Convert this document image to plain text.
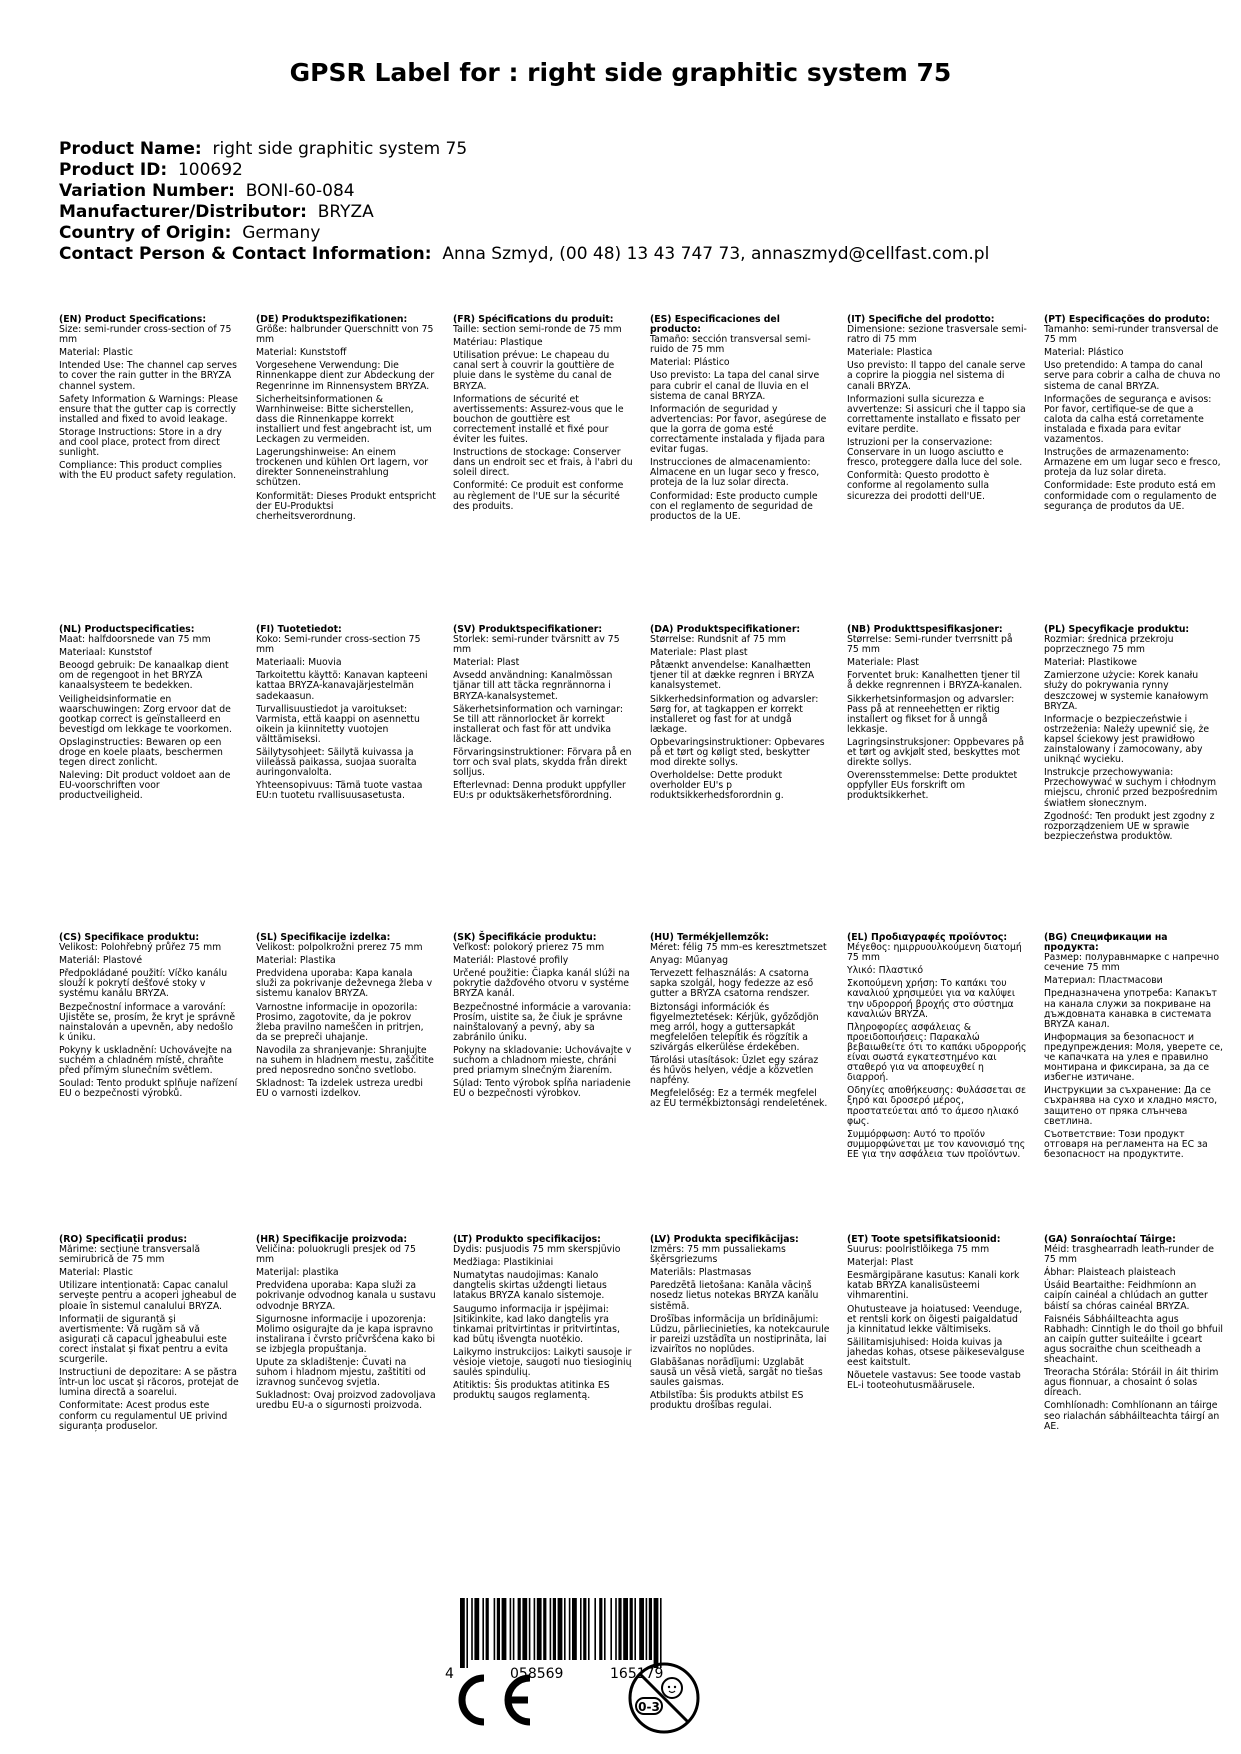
GPSR Label for : right side graphitic system 75
Product Name: right side graphitic system 75
Product ID: 100692
Variation Number: BONI-60-084
Manufacturer/Distributor: BRYZA
Country of Origin: Germany
Contact Person & Contact Information: Anna Szmyd, (00 48) 13 43 747 73, annaszmyd@cellfast.com.pl
(EN) Product Specifications:

Size: semi-runder cross-section of 75 mm

Material: Plastic

Intended Use: The channel cap serves to cover the rain gutter in the BRYZA channel system.

Safety Information & Warnings: Please ensure that the gutter cap is correctly installed and fixed to avoid leakage.

Storage Instructions: Store in a dry and cool place, protect from direct sunlight.

Compliance: This product complies with the EU product safety regulation.

(DE) Produktspezifikationen:

Größe: halbrunder Querschnitt von 75 mm

Material: Kunststoff

Vorgesehene Verwendung: Die Rinnenkappe dient zur Abdeckung der Regenrinne im Rinnensystem BRYZA.

Sicherheitsinformationen & Warnhinweise: Bitte sicherstellen, dass die Rinnenkappe korrekt installiert und fest angebracht ist, um Leckagen zu vermeiden.

Lagerungshinweise: An einem trockenen und kühlen Ort lagern, vor direkter Sonneneinstrahlung schützen.

Konformität: Dieses Produkt entspricht der EU-Produktsi cherheitsverordnung.

(FR) Spécifications du produit:

Taille: section semi-ronde de 75 mm

Matériau: Plastique

Utilisation prévue: Le chapeau du canal sert à couvrir la gouttière de pluie dans le système du canal de BRYZA.

Informations de sécurité et avertissements: Assurez-vous que le bouchon de gouttière est correctement installé et fixé pour éviter les fuites.

Instructions de stockage: Conserver dans un endroit sec et frais, à l'abri du soleil direct.

Conformité: Ce produit est conforme au règlement de l'UE sur la sécurité des produits.

(ES) Especificaciones del producto:

Tamaño: sección transversal semi-ruido de 75 mm

Material: Plástico

Uso previsto: La tapa del canal sirve para cubrir el canal de lluvia en el sistema de canal BRYZA.

Información de seguridad y advertencias: Por favor, asegúrese de que la gorra de goma esté correctamente instalada y fijada para evitar fugas.

Instrucciones de almacenamiento: Almacene en un lugar seco y fresco, proteja de la luz solar directa.

Conformidad: Este producto cumple con el reglamento de seguridad de productos de la UE.

(IT) Specifiche del prodotto:

Dimensione: sezione trasversale semi-ratro di 75 mm

Materiale: Plastica

Uso previsto: Il tappo del canale serve a coprire la pioggia nel sistema di canali BRYZA.

Informazioni sulla sicurezza e avvertenze: Si assicuri che il tappo sia correttamente installato e fissato per evitare perdite.

Istruzioni per la conservazione: Conservare in un luogo asciutto e fresco, proteggere dalla luce del sole.

Conformità: Questo prodotto è conforme al regolamento sulla sicurezza dei prodotti dell'UE.

(PT) Especificações do produto:

Tamanho: semi-runder transversal de 75 mm

Material: Plástico

Uso pretendido: A tampa do canal serve para cobrir a calha de chuva no sistema de canal BRYZA.

Informações de segurança e avisos: Por favor, certifique-se de que a calota da calha está corretamente instalada e fixada para evitar vazamentos.

Instruções de armazenamento: Armazene em um lugar seco e fresco, proteja da luz solar direta.

Conformidade: Este produto está em conformidade com o regulamento de segurança de produtos da UE.

(NL) Productspecificaties:

Maat: halfdoorsnede van 75 mm

Materiaal: Kunststof

Beoogd gebruik: De kanaalkap dient om de regengoot in het BRYZA kanaalsysteem te bedekken.

Veiligheidsinformatie en waarschuwingen: Zorg ervoor dat de gootkap correct is geïnstalleerd en bevestigd om lekkage te voorkomen.

Opslaginstructies: Bewaren op een droge en koele plaats, beschermen tegen direct zonlicht.

Naleving: Dit product voldoet aan de EU-voorschriften voor productveiligheid.

(FI) Tuotetiedot:

Koko: Semi-runder cross-section 75 mm

Materiaali: Muovia

Tarkoitettu käyttö: Kanavan kapteeni kattaa BRYZA-kanavajärjestelmän sadekaasun.

Turvallisuustiedot ja varoitukset: Varmista, että kaappi on asennettu oikein ja kiinnitetty vuotojen välttämiseksi.

Säilytysohjeet: Säilytä kuivassa ja viileässä paikassa, suojaa suoralta auringonvalolta.

Yhteensopivuus: Tämä tuote vastaa EU:n tuotetu rvallisuusasetusta.

(SV) Produktspecifikationer:

Storlek: semi-runder tvärsnitt av 75 mm

Material: Plast

Avsedd användning: Kanalmössan tjänar till att täcka regnrännorna i BRYZA-kanalsystemet.

Säkerhetsinformation och varningar: Se till att rännorlocket är korrekt installerat och fast för att undvika läckage.

Förvaringsinstruktioner: Förvara på en torr och sval plats, skydda från direkt solljus.

Efterlevnad: Denna produkt uppfyller EU:s pr oduktsäkerhetsförordning.

(DA) Produktspecifikationer:

Størrelse: Rundsnit af 75 mm

Materiale: Plast plast

Påtænkt anvendelse: Kanalhætten tjener til at dække regnren i BRYZA kanalsystemet.

Sikkerhedsinformation og advarsler: Sørg for, at tagkappen er korrekt installeret og fast for at undgå lækage.

Opbevaringsinstruktioner: Opbevares på et tørt og køligt sted, beskytter mod direkte sollys.

Overholdelse: Dette produkt overholder EU's p roduktsikkerhedsforordnin g.

(NB) Produkttspesifikasjoner:

Størrelse: Semi-runder tverrsnitt på 75 mm

Materiale: Plast

Forventet bruk: Kanalhetten tjener til å dekke regnrennen i BRYZA-kanalen.

Sikkerhetsinformasjon og advarsler: Pass på at renneehetten er riktig installert og fikset for å unngå lekkasje.

Lagringsinstruksjoner: Oppbevares på et tørt og avkjølt sted, beskyttes mot direkte sollys.

Overensstemmelse: Dette produktet oppfyller EUs forskrift om produktsikkerhet.

(PL) Specyfikacje produktu:

Rozmiar: średnica przekroju poprzecznego 75 mm

Materiał: Plastikowe

Zamierzone użycie: Korek kanału służy do pokrywania rynny deszczowej w systemie kanałowym BRYZA.

Informacje o bezpieczeństwie i ostrzeżenia: Należy upewnić się, że kapsel ściekowy jest prawidłowo zainstalowany i zamocowany, aby uniknąć wycieku.

Instrukcje przechowywania: Przechowywać w suchym i chłodnym miejscu, chronić przed bezpośrednim światłem słonecznym.

Zgodność: Ten produkt jest zgodny z rozporządzeniem UE w sprawie bezpieczeństwa produktów.

(CS) Specifikace produktu:

Velikost: Polohřebný průřez 75 mm

Materiál: Plastové

Předpokládané použití: Víčko kanálu slouží k pokrytí dešťové stoky v systému kanálu BRYZA.

Bezpečnostní informace a varování: Ujistěte se, prosím, že kryt je správně nainstalován a upevněn, aby nedošlo k úniku.

Pokyny k uskladnění: Uchovávejte na suchém a chladném místě, chraňte před přímým slunečním světlem.

Soulad: Tento produkt splňuje nařízení EU o bezpečnosti výrobků.

(SL) Specifikacije izdelka:

Velikost: polpolkrožni prerez 75 mm

Material: Plastika

Predvidena uporaba: Kapa kanala služi za pokrivanje deževnega žleba v sistemu kanalov BRYZA.

Varnostne informacije in opozorila: Prosimo, zagotovite, da je pokrov žleba pravilno nameščen in pritrjen, da se prepreči uhajanje.

Navodila za shranjevanje: Shranjujte na suhem in hladnem mestu, zaščitite pred neposredno sončno svetlobo.

Skladnost: Ta izdelek ustreza uredbi EU o varnosti izdelkov.

(SK) Špecifikácie produktu:

Veľkosť: polokorý prierez 75 mm

Materiál: Plastové profily

Určené použitie: Čiapka kanál slúži na pokrytie dažďového otvoru v systéme BRYZA kanál.

Bezpečnostné informácie a varovania: Prosím, uistite sa, že čiuk je správne nainštalovaný a pevný, aby sa zabránilo úniku.

Pokyny na skladovanie: Uchovávajte v suchom a chladnom mieste, chráni pred priamym slnečným žiarením.

Súlad: Tento výrobok spĺňa nariadenie EÚ o bezpečnosti výrobkov.

(HU) Termékjellemzők:

Méret: félig 75 mm-es keresztmetszet

Anyag: Műanyag

Tervezett felhasználás: A csatorna sapka szolgál, hogy fedezze az eső gutter a BRYZA csatorna rendszer.

Biztonsági információk és figyelmeztetések: Kérjük, győződjön meg arról, hogy a guttersapkát megfelelően telepítik és rögzítik a szivárgás elkerülése érdekében.

Tárolási utasítások: Üzlet egy száraz és hűvös helyen, védje a közvetlen napfény.

Megfelelőség: Ez a termék megfelel az EU termékbiztonsági rendeletének.

(EL) Προδιαγραφές προϊόντος:

Μέγεθος: ημιρρυουλκούμενη διατομή 75 mm

Υλικό: Πλαστικό

Σκοπούμενη χρήση: Το καπάκι του καναλιού χρησιμεύει για να καλύψει την υδρορροή βροχής στο σύστημα καναλιών BRYZA.

Πληροφορίες ασφάλειας & προειδοποιήσεις: Παρακαλώ βεβαιωθείτε ότι το καπάκι υδρορροής είναι σωστά εγκατεστημένο και σταθερό για να αποφευχθεί η διαρροή.

Οδηγίες αποθήκευσης: Φυλάσσεται σε ξηρό και δροσερό μέρος, προστατεύεται από το άμεσο ηλιακό φως.

Συμμόρφωση: Αυτό το προϊόν συμμορφώνεται με τον κανονισμό της ΕΕ για την ασφάλεια των προϊόντων.

(BG) Спецификации на продукта:

Размер: полуравнмарке с напречно сечение 75 mm

Материал: Пластмасови

Предназначена употреба: Капакът на канала служи за покриване на дъждовната канавка в системата BRYZA канал.

Информация за безопасност и предупреждения: Моля, уверете се, че капачката на улея е правилно монтирана и фиксирана, за да се избегне изтичане.

Инструкции за съхранение: Да се съхранява на сухо и хладно място, защитено от пряка слънчева светлина.

Съответствие: Този продукт отговаря на регламента на ЕС за безопасност на продуктите.

(RO) Specificații produs:

Mărime: secțiune transversală semirubrică de 75 mm

Material: Plastic

Utilizare intenționată: Capac canalul servește pentru a acoperi jgheabul de ploaie în sistemul canalului BRYZA.

Informații de siguranță și avertismente: Vă rugăm să vă asigurați că capacul jgheabului este corect instalat și fixat pentru a evita scurgerile.

Instrucțiuni de depozitare: A se păstra într-un loc uscat și răcoros, protejat de lumina directă a soarelui.

Conformitate: Acest produs este conform cu regulamentul UE privind siguranța produselor.

(HR) Specifikacije proizvoda:

Veličina: poluokrugli presjek od 75 mm

Materijal: plastika

Predviđena uporaba: Kapa služi za pokrivanje odvodnog kanala u sustavu odvodnje BRYZA.

Sigurnosne informacije i upozorenja: Molimo osigurajte da je kapa ispravno instalirana i čvrsto pričvršćena kako bi se izbjegla propuštanja.

Upute za skladištenje: Čuvati na suhom i hladnom mjestu, zaštititi od izravnog sunčevog svjetla.

Sukladnost: Ovaj proizvod zadovoljava uredbu EU-a o sigurnosti proizvoda.

(LT) Produkto specifikacijos:

Dydis: pusjuodis 75 mm skerspjūvio

Medžiaga: Plastikiniai

Numatytas naudojimas: Kanalo dangtelis skirtas uždengti lietaus latakus BRYZA kanalo sistemoje.

Saugumo informacija ir įspėjimai: Įsitikinkite, kad lako dangtelis yra tinkamai pritvirtintas ir pritvirtintas, kad būtų išvengta nuotėkio.

Laikymo instrukcijos: Laikyti sausoje ir vėsioje vietoje, saugoti nuo tiesioginių saulės spindulių.

Atitiktis: Šis produktas atitinka ES produktų saugos reglamentą.

(LV) Produkta specifikācijas:

Izmērs: 75 mm pussaliekams šķērsgriezums

Materiāls: Plastmasas

Paredzētā lietošana: Kanāla vāciņš nosedz lietus notekas BRYZA kanālu sistēmā.

Drošības informācija un brīdinājumi: Lūdzu, pārliecinieties, ka notekcaurule ir pareizi uzstādīta un nostiprināta, lai izvairītos no noplūdes.

Glabāšanas norādījumi: Uzglabāt sausā un vēsā vietā, sargāt no tiešas saules gaismas.

Atbilstība: Šis produkts atbilst ES produktu drošības regulai.

(ET) Toote spetsifikatsioonid:

Suurus: poolristlõikega 75 mm

Materjal: Plast

Eesmärgipärane kasutus: Kanali kork katab BRYZA kanalisüsteemi vihmarentini.

Ohutusteave ja hoiatused: Veenduge, et rentsli kork on õigesti paigaldatud ja kinnitatud lekke vältimiseks.

Säilitamisjuhised: Hoida kuivas ja jahedas kohas, otsese päikesevalguse eest kaitstult.

Nõuetele vastavus: See toode vastab EL-i tooteohutusmäärusele.

(GA) Sonraíochtaí Táirge:

Méid: trasghearradh leath-runder de 75 mm

Ábhar: Plaisteach plaisteach

Úsáid Beartaithe: Feidhmíonn an caipín cainéal a chlúdach an gutter báistí sa chóras cainéal BRYZA.

Faisnéis Sábháilteachta agus Rabhadh: Cinntigh le do thoil go bhfuil an caipín gutter suiteáilte i gceart agus socraithe chun sceitheadh a sheachaint.

Treoracha Stórála: Stóráil in áit thirim agus fionnuar, a chosaint ó solas díreach.

Comhlíonadh: Comhlíonann an táirge seo rialachán sábháilteachta táirgí an AE.

4	058569	165179
0-3
